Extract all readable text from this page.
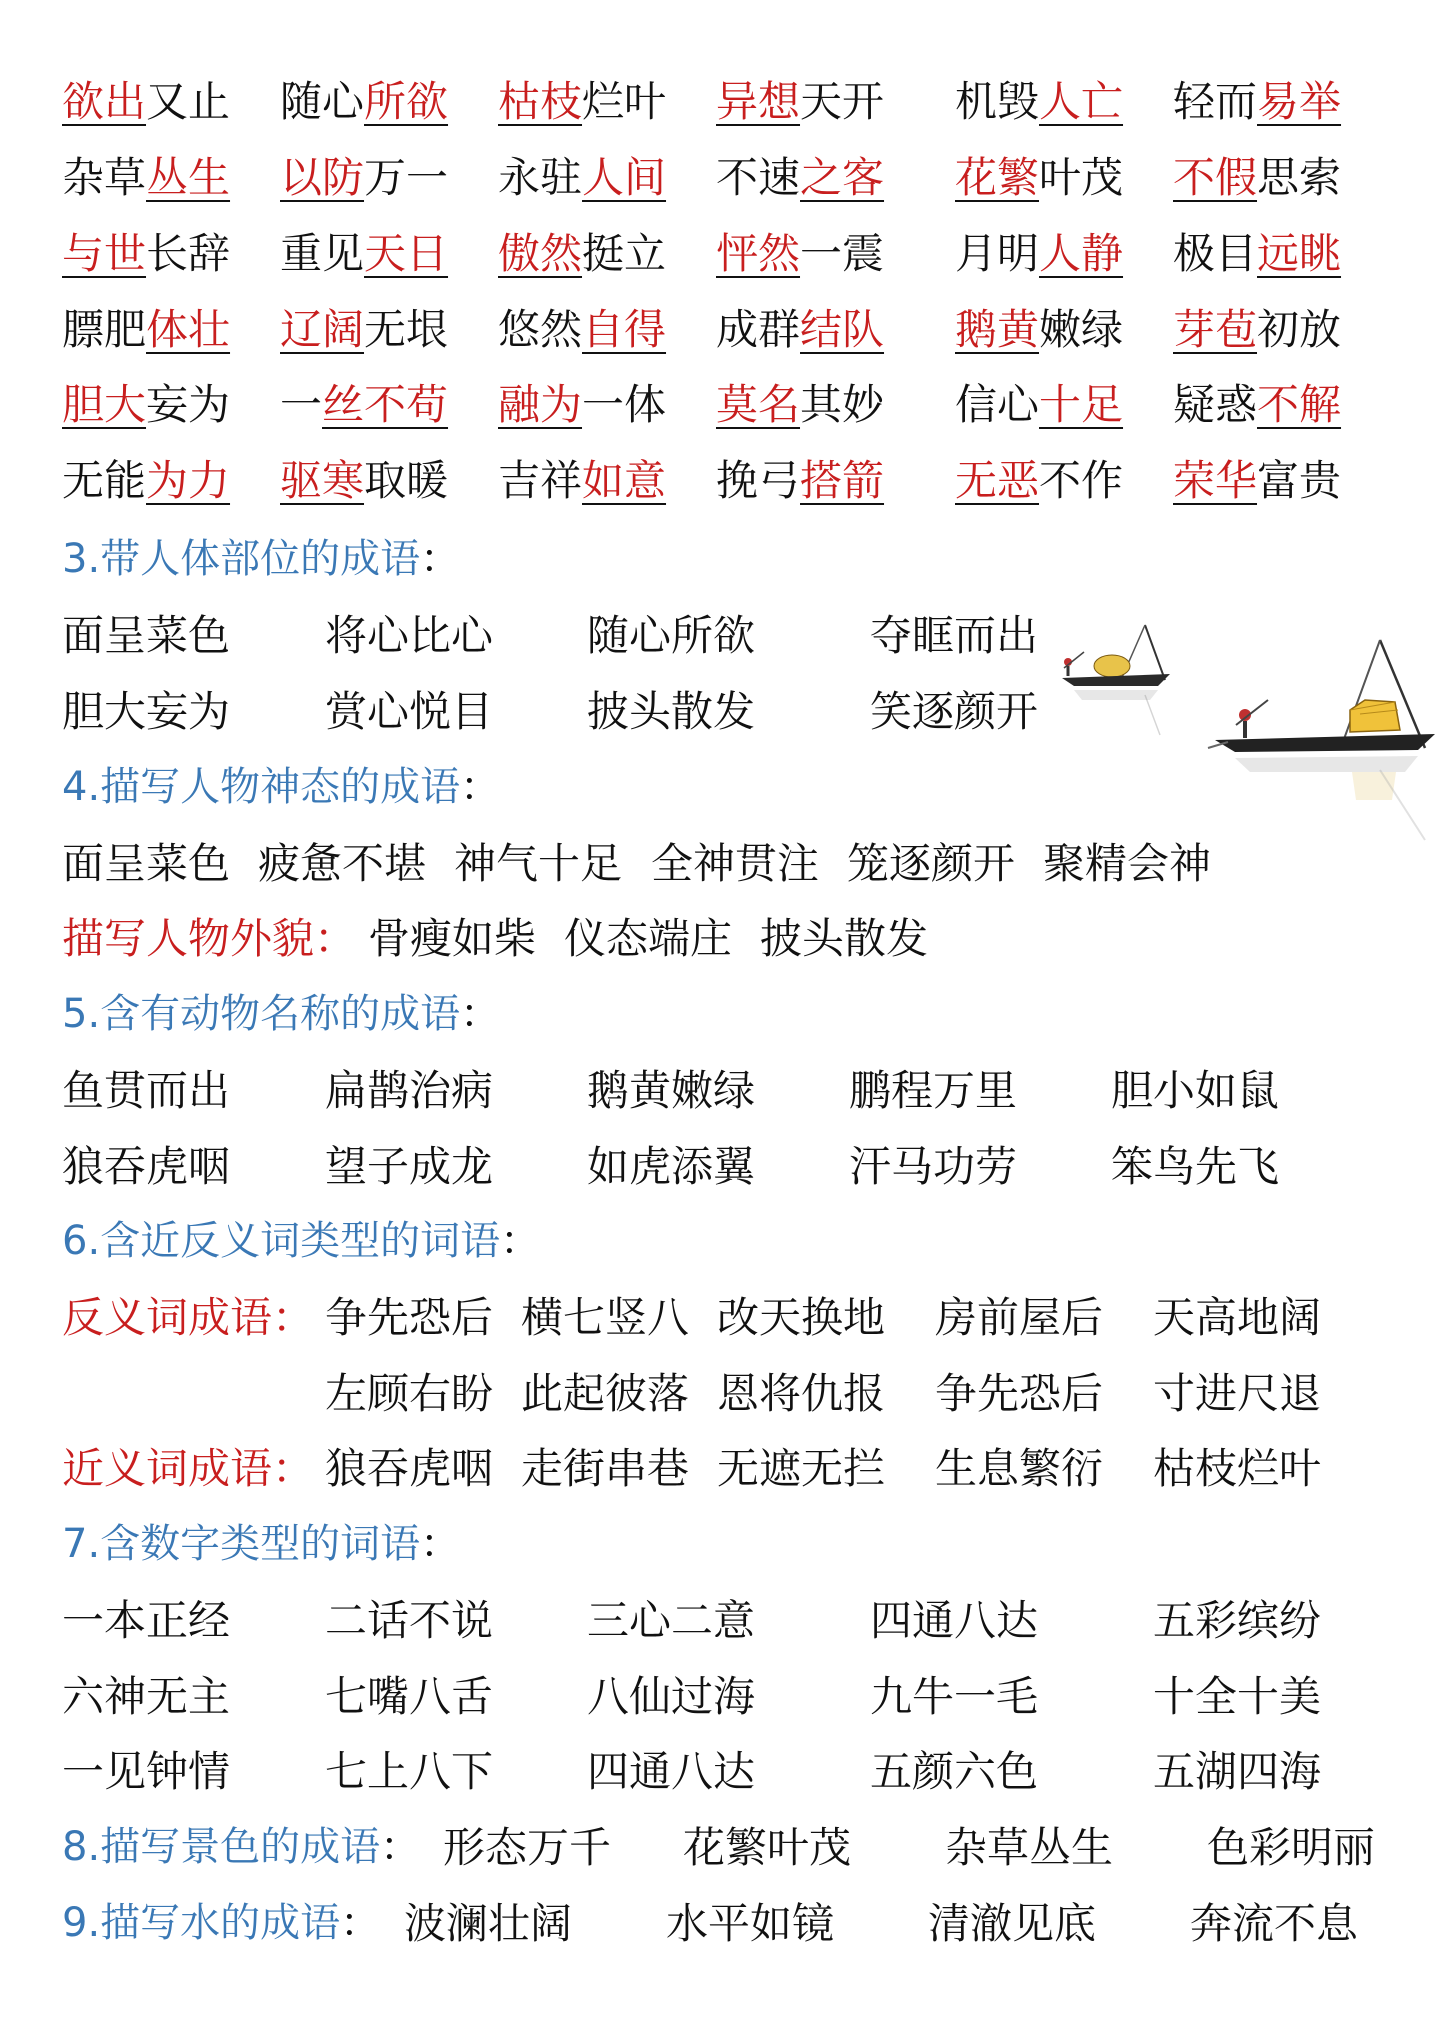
欲出又止 随心所欲 枯枝烂叶 异想天开 机毁人亡 轻而易举
杂草丛生 以防万一 永驻人间 不速之客 花繁叶茂 不假思索
与世长辞 重见天日 傲然挺立 怦然一震 月明人静 极目远眺
膘肥体壮 辽阔无垠 悠然自得 成群结队 鹅黄嫩绿 芽苞初放
胆大妄为 一丝不苟 融为一体 莫名其妙 信心十足 疑惑不解
无能为力 驱寒取暖 吉祥如意 挽弓搭箭 无恶不作 荣华富贵
3.带人体部位的成语：
面呈菜色 将心比心 随心所欲	夺眶而出
胆大妄为 赏心悦目 披头散发	笑逐颜开
4.描写人物神态的成语：
面呈菜色 疲惫不堪 神气十足 全神贯注 笼逐颜开 聚精会神
描写人物外貌： 骨瘦如柴 仪态端庄 披头散发
5.含有动物名称的成语：
鱼贯而出 扁鹊治病 鹅黄嫩绿 鹏程万里 胆小如鼠
狼吞虎咽 望子成龙 如虎添翼 汗马功劳 笨鸟先飞
6.含近反义词类型的词语：
反义词成语： 争先恐后 横七竖八 改天换地 房前屋后 天高地阔
左顾右盼 此起彼落 恩将仇报 争先恐后 寸进尺退
近义词成语： 狼吞虎咽 走街串巷 无遮无拦 生息繁衍 枯枝烂叶
7.含数字类型的词语：
一本正经 二话不说 三心二意	四通八达	五彩缤纷
六神无主 七嘴八舌 八仙过海	九牛一毛	十全十美
一见钟情 七上八下 四通八达	五颜六色	五湖四海
8.描写景色的成语： 形态万千 花繁叶茂 杂草丛生 色彩明丽
9.描写水的成语： 波澜壮阔 水平如镜 清澈见底 奔流不息
